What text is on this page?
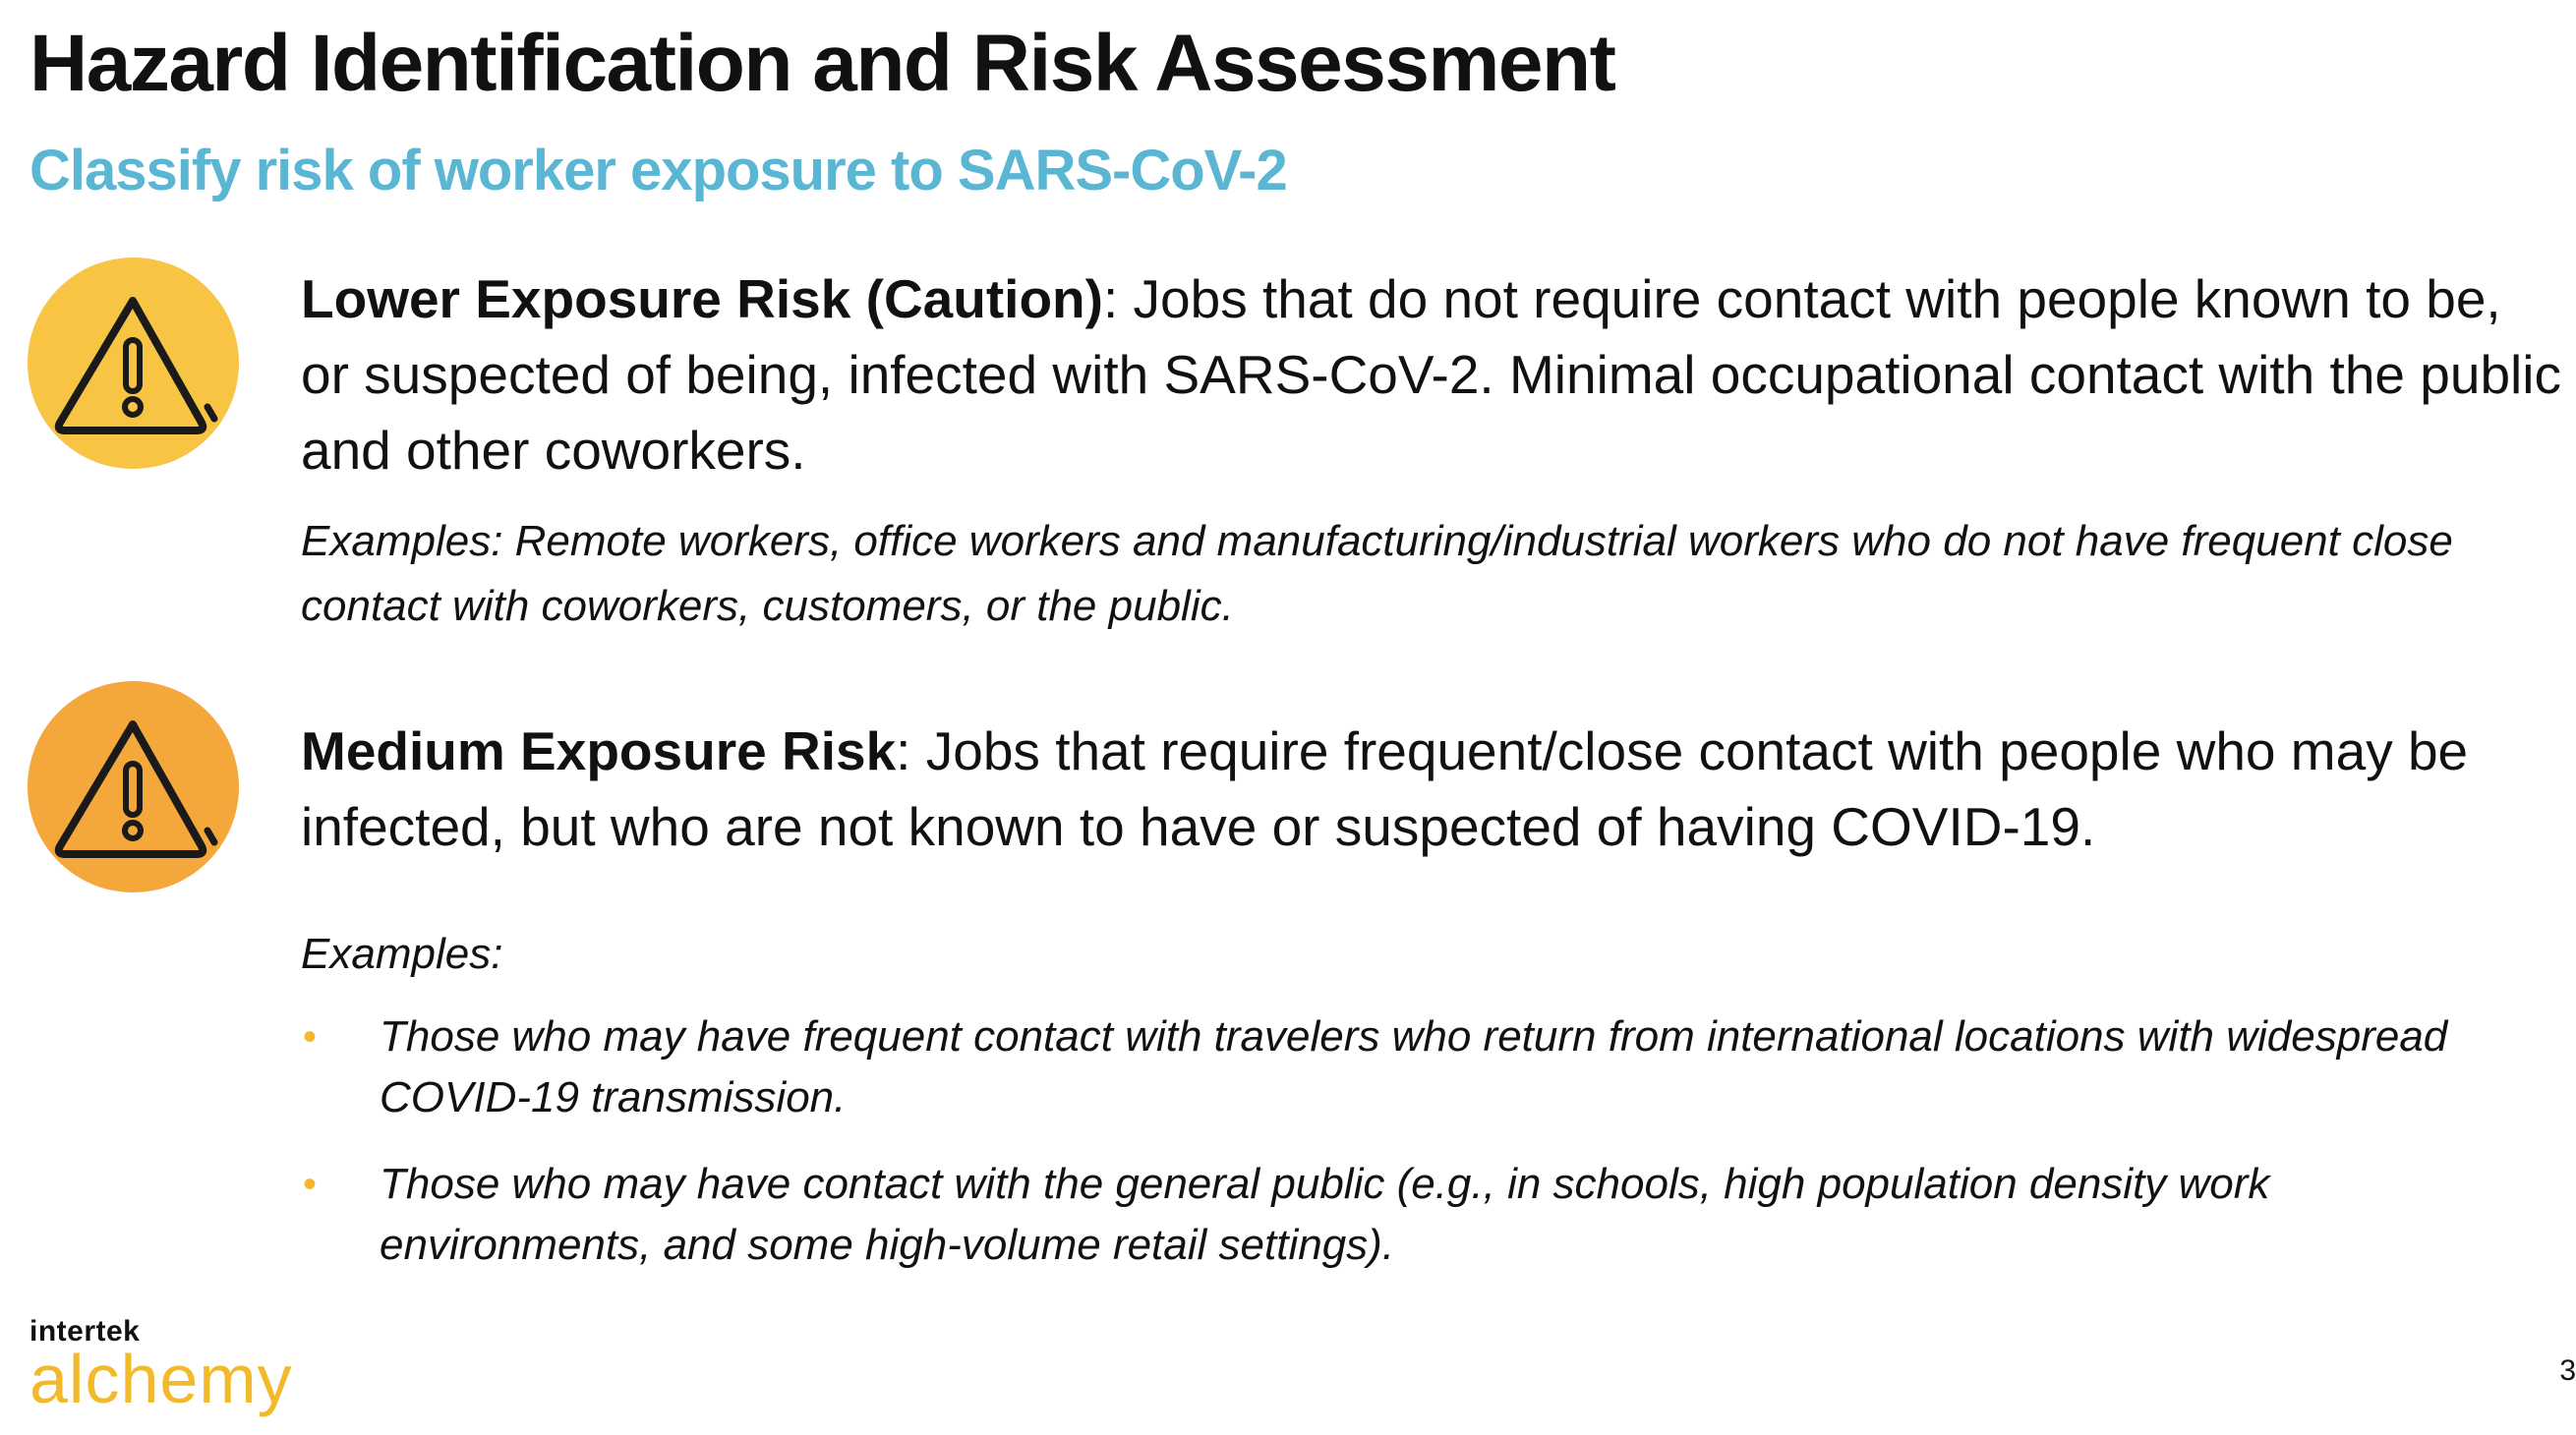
Hazard Identification and Risk Assessment
Classify risk of worker exposure to SARS-CoV-2
Lower Exposure Risk (Caution): Jobs that do not require contact with people known to be, or suspected of being, infected with SARS-CoV-2. Minimal occupational contact with the public and other coworkers.
Examples: Remote workers, office workers and manufacturing/industrial workers who do not have frequent close contact with coworkers, customers, or the public.
Medium Exposure Risk: Jobs that require frequent/close contact with people who may be infected, but who are not known to have or suspected of having COVID-19.
Examples:
• Those who may have frequent contact with travelers who return from international locations with widespread COVID-19 transmission.
• Those who may have contact with the general public (e.g., in schools, high population density work environments, and some high-volume retail settings).
intertek
alchemy	3
